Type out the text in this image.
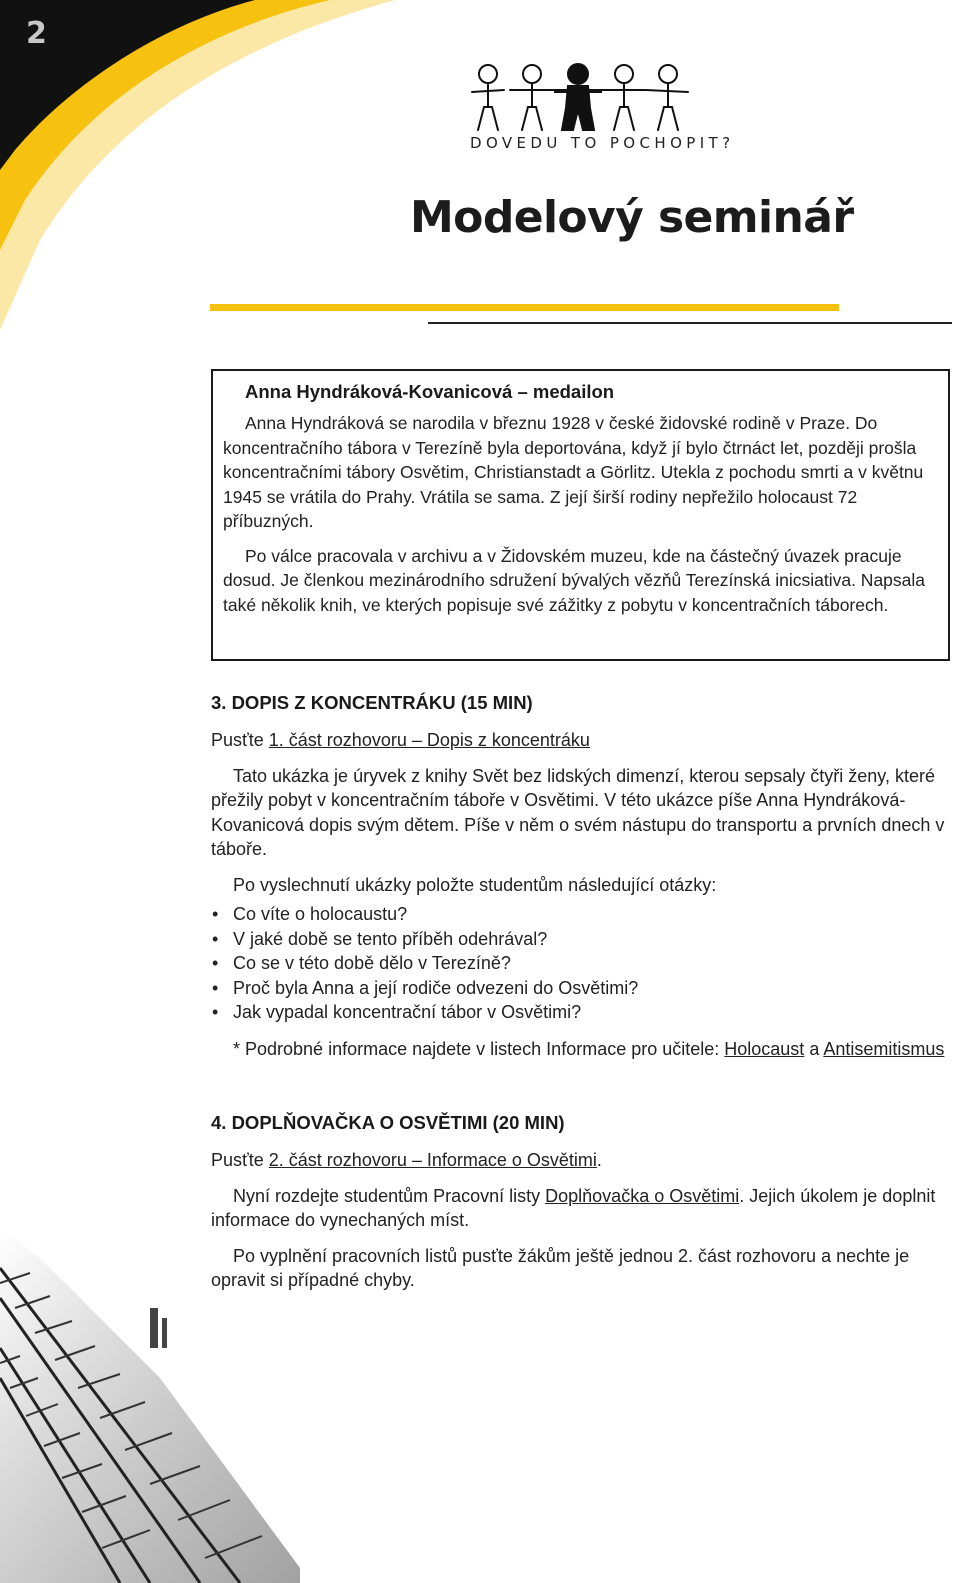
2
DOVEDU TO POCHOPIT?
Modelový seminář
Anna Hyndráková-Kovanicová – medailon

Anna Hyndráková se narodila v březnu 1928 v české židovské rodině v Praze. Do koncentračního tábora v Terezíně byla deportována, když jí bylo čtrnáct let, později prošla koncentračními tábory Osvětim, Christianstadt a Görlitz. Utekla z pochodu smrti a v květnu 1945 se vrátila do Prahy. Vrátila se sama. Z její širší rodiny nepřežilo holocaust 72 příbuzných.

Po válce pracovala v archivu a v Židovském muzeu, kde na částečný úvazek pracuje dosud. Je členkou mezinárodního sdružení bývalých vězňů Terezínská inicsiativa. Napsala také několik knih, ve kterých popisuje své zážitky z pobytu v koncentračních táborech.

3. DOPIS Z KONCENTRÁKU (15 MIN)

Pusťte 1. část rozhovoru – Dopis z koncentráku

Tato ukázka je úryvek z knihy Svět bez lidských dimenzí, kterou sepsaly čtyři ženy, které přežily pobyt v koncentračním táboře v Osvětimi. V této ukázce píše Anna Hyndráková-Kovanicová dopis svým dětem. Píše v něm o svém nástupu do transportu a prvních dnech v táboře.

Po vyslechnutí ukázky položte studentům následující otázky:

• Co víte o holocaustu?
• V jaké době se tento příběh odehrával?
• Co se v této době dělo v Terezíně?
• Proč byla Anna a její rodiče odvezeni do Osvětimi?
• Jak vypadal koncentrační tábor v Osvětimi?

* Podrobné informace najdete v listech Informace pro učitele: Holocaust a Antisemitismus

4. DOPLŇOVAČKA O OSVĚTIMI (20 MIN)

Pusťte 2. část rozhovoru – Informace o Osvětimi.

Nyní rozdejte studentům Pracovní listy Doplňovačka o Osvětimi. Jejich úkolem je doplnit informace do vynechaných míst.

Po vyplnění pracovních listů pusťte žákům ještě jednou 2. část rozhovoru a nechte je opravit si případné chyby.
